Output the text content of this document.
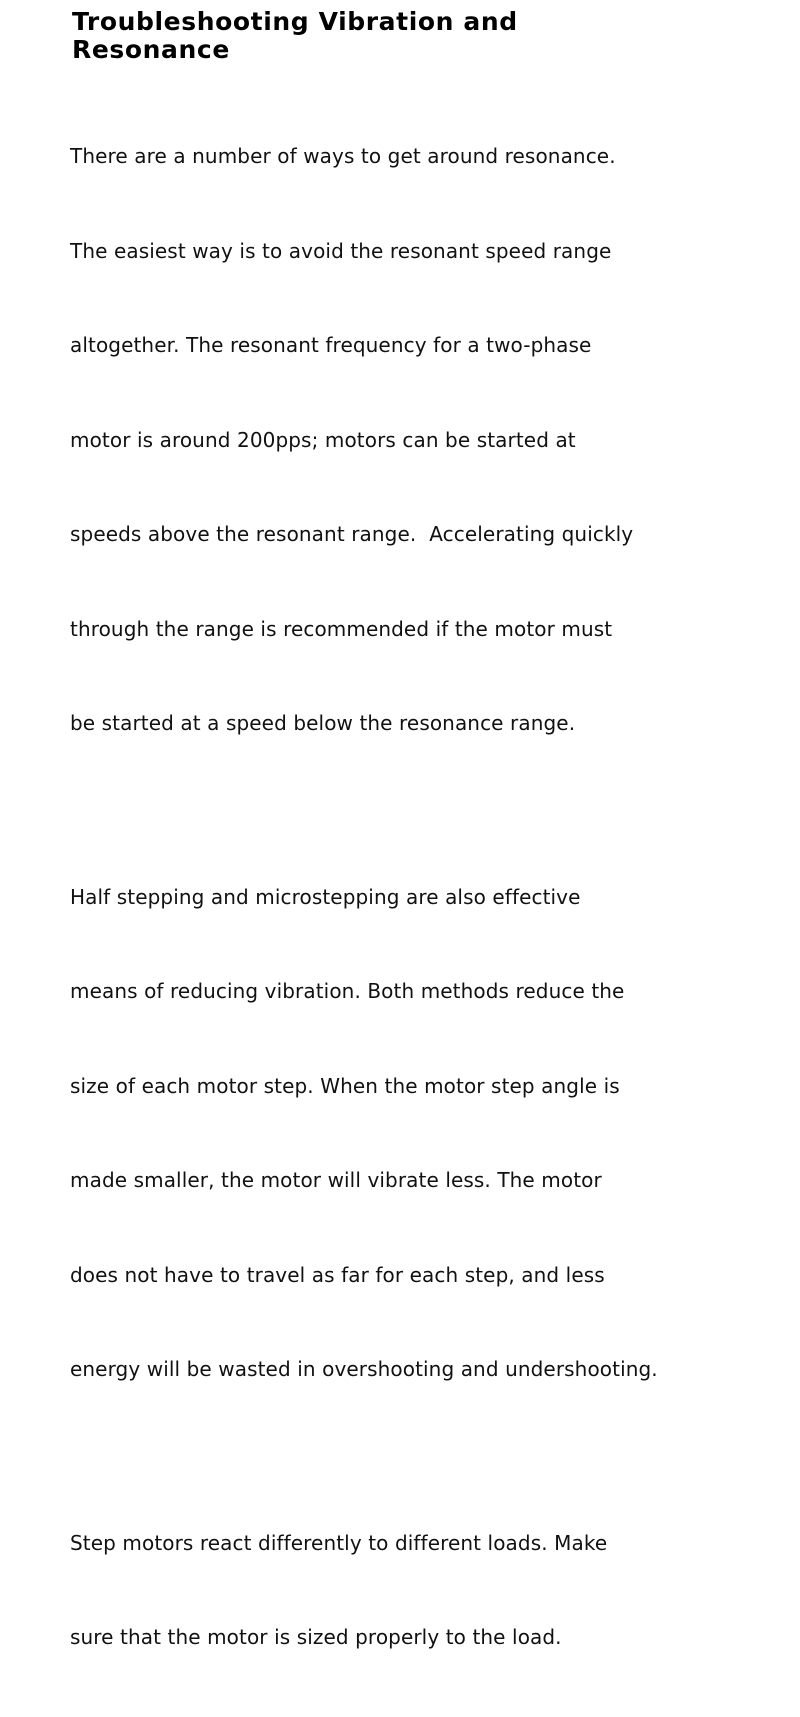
Troubleshooting Vibration and
Resonance

There are a number of ways to get around resonance.

The easiest way is to avoid the resonant speed range

altogether. The resonant frequency for a two-phase

motor is around 200pps; motors can be started at

speeds above the resonant range.  Accelerating quickly

through the range is recommended if the motor must

be started at a speed below the resonance range.

Half stepping and microstepping are also effective

means of reducing vibration. Both methods reduce the

size of each motor step. When the motor step angle is

made smaller, the motor will vibrate less. The motor

does not have to travel as far for each step, and less

energy will be wasted in overshooting and undershooting.

Step motors react differently to different loads. Make

sure that the motor is sized properly to the load.
